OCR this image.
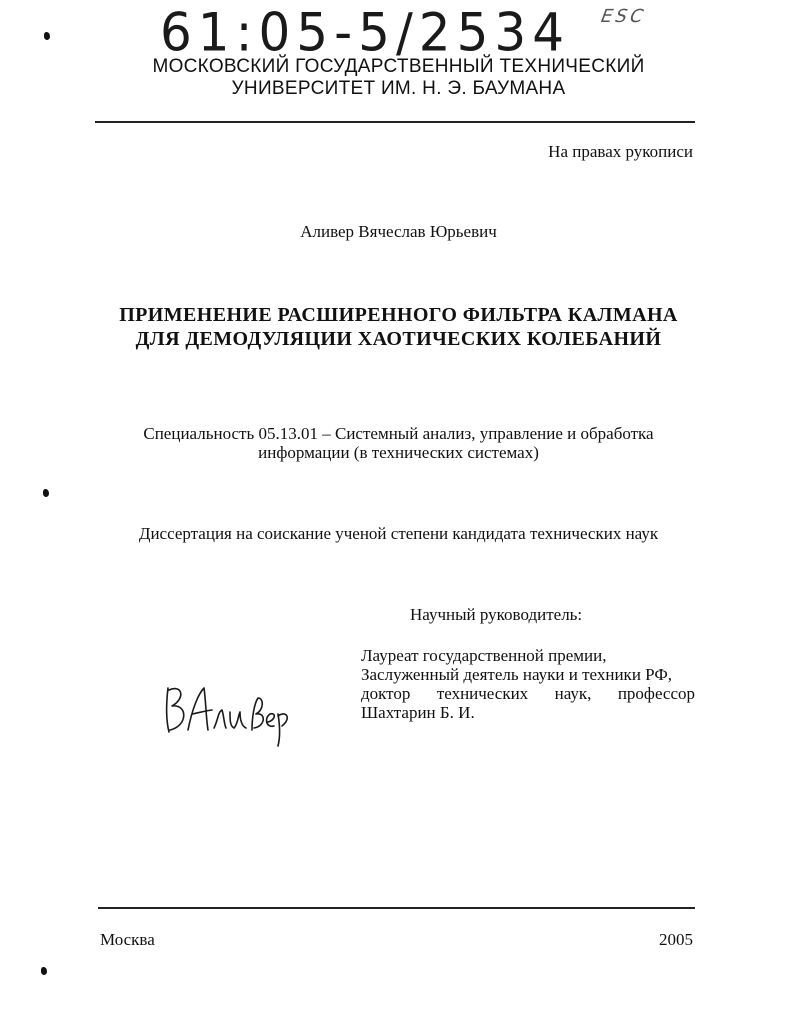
61:05-5/2534 ESC
МОСКОВСКИЙ ГОСУДАРСТВЕННЫЙ ТЕХНИЧЕСКИЙ
УНИВЕРСИТЕТ ИМ. Н. Э. БАУМАНА
На правах рукописи
Аливер Вячеслав Юрьевич
ПРИМЕНЕНИЕ РАСШИРЕННОГО ФИЛЬТРА КАЛМАНА
ДЛЯ ДЕМОДУЛЯЦИИ ХАОТИЧЕСКИХ КОЛЕБАНИЙ
Специальность 05.13.01 – Системный анализ, управление и обработка
информации (в технических системах)
Диссертация на соискание ученой степени кандидата технических наук
Научный руководитель:
Лауреат государственной премии,
Заслуженный деятель науки и техники РФ,
доктор технических наук, профессор
Шахтарин Б. И.
Москва	2005
